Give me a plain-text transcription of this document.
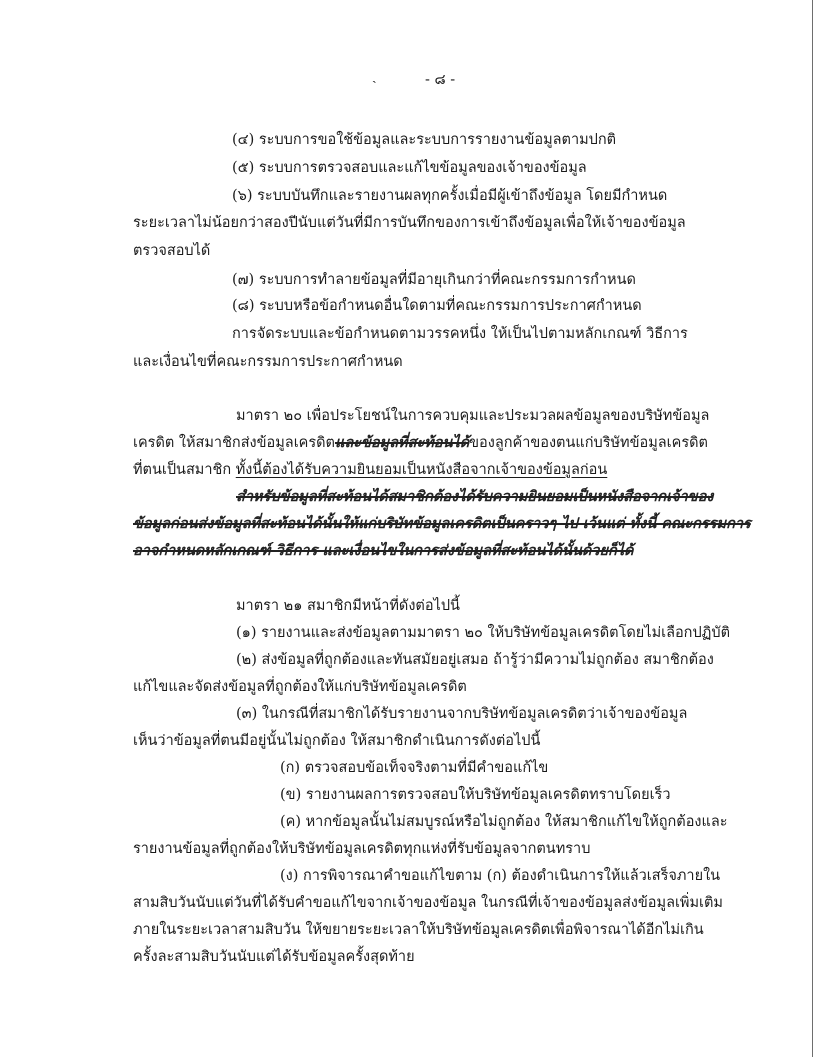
ˎ	- ๘ -
(๔) ระบบการขอใช้ข้อมูลและระบบการรายงานข้อมูลตามปกติ
(๕) ระบบการตรวจสอบและแก้ไขข้อมูลของเจ้าของข้อมูล
(๖) ระบบบันทึกและรายงานผลทุกครั้งเมื่อมีผู้เข้าถึงข้อมูล โดยมีกำหนด
ระยะเวลาไม่น้อยกว่าสองปีนับแต่วันที่มีการบันทึกของการเข้าถึงข้อมูลเพื่อให้เจ้าของข้อมูล
ตรวจสอบได้
(๗) ระบบการทำลายข้อมูลที่มีอายุเกินกว่าที่คณะกรรมการกำหนด
(๘) ระบบหรือข้อกำหนดอื่นใดตามที่คณะกรรมการประกาศกำหนด
การจัดระบบและข้อกำหนดตามวรรคหนึ่ง ให้เป็นไปตามหลักเกณฑ์ วิธีการ
และเงื่อนไขที่คณะกรรมการประกาศกำหนด
มาตรา ๒๐ เพื่อประโยชน์ในการควบคุมและประมวลผลข้อมูลของบริษัทข้อมูล
เครดิต ให้สมาชิกส่งข้อมูลเครดิตและข้อมูลที่สะท้อนได้ของลูกค้าของตนแก่บริษัทข้อมูลเครดิต
ที่ตนเป็นสมาชิก ทั้งนี้ต้องได้รับความยินยอมเป็นหนังสือจากเจ้าของข้อมูลก่อน
สำหรับข้อมูลที่สะท้อนได้สมาชิกต้องได้รับความยินยอมเป็นหนังสือจากเจ้าของ
ข้อมูลก่อนส่งข้อมูลที่สะท้อนได้นั้นให้แก่บริษัทข้อมูลเครดิตเป็นคราวๆ ไป เว้นแต่ ทั้งนี้ คณะกรรมการ
อาจกำหนดหลักเกณฑ์ วิธีการ และเงื่อนไขในการส่งข้อมูลที่สะท้อนได้นั้นด้วยก็ได้
มาตรา ๒๑ สมาชิกมีหน้าที่ดังต่อไปนี้
(๑) รายงานและส่งข้อมูลตามมาตรา ๒๐ ให้บริษัทข้อมูลเครดิตโดยไม่เลือกปฏิบัติ
(๒) ส่งข้อมูลที่ถูกต้องและทันสมัยอยู่เสมอ ถ้ารู้ว่ามีความไม่ถูกต้อง สมาชิกต้อง
แก้ไขและจัดส่งข้อมูลที่ถูกต้องให้แก่บริษัทข้อมูลเครดิต
(๓) ในกรณีที่สมาชิกได้รับรายงานจากบริษัทข้อมูลเครดิตว่าเจ้าของข้อมูล
เห็นว่าข้อมูลที่ตนมีอยู่นั้นไม่ถูกต้อง ให้สมาชิกดำเนินการดังต่อไปนี้
(ก) ตรวจสอบข้อเท็จจริงตามที่มีคำขอแก้ไข
(ข) รายงานผลการตรวจสอบให้บริษัทข้อมูลเครดิตทราบโดยเร็ว
(ค) หากข้อมูลนั้นไม่สมบูรณ์หรือไม่ถูกต้อง ให้สมาชิกแก้ไขให้ถูกต้องและ
รายงานข้อมูลที่ถูกต้องให้บริษัทข้อมูลเครดิตทุกแห่งที่รับข้อมูลจากตนทราบ
(ง) การพิจารณาคำขอแก้ไขตาม (ก) ต้องดำเนินการให้แล้วเสร็จภายใน
สามสิบวันนับแต่วันที่ได้รับคำขอแก้ไขจากเจ้าของข้อมูล ในกรณีที่เจ้าของข้อมูลส่งข้อมูลเพิ่มเติม
ภายในระยะเวลาสามสิบวัน ให้ขยายระยะเวลาให้บริษัทข้อมูลเครดิตเพื่อพิจารณาได้อีกไม่เกิน
ครั้งละสามสิบวันนับแต่ได้รับข้อมูลครั้งสุดท้าย
